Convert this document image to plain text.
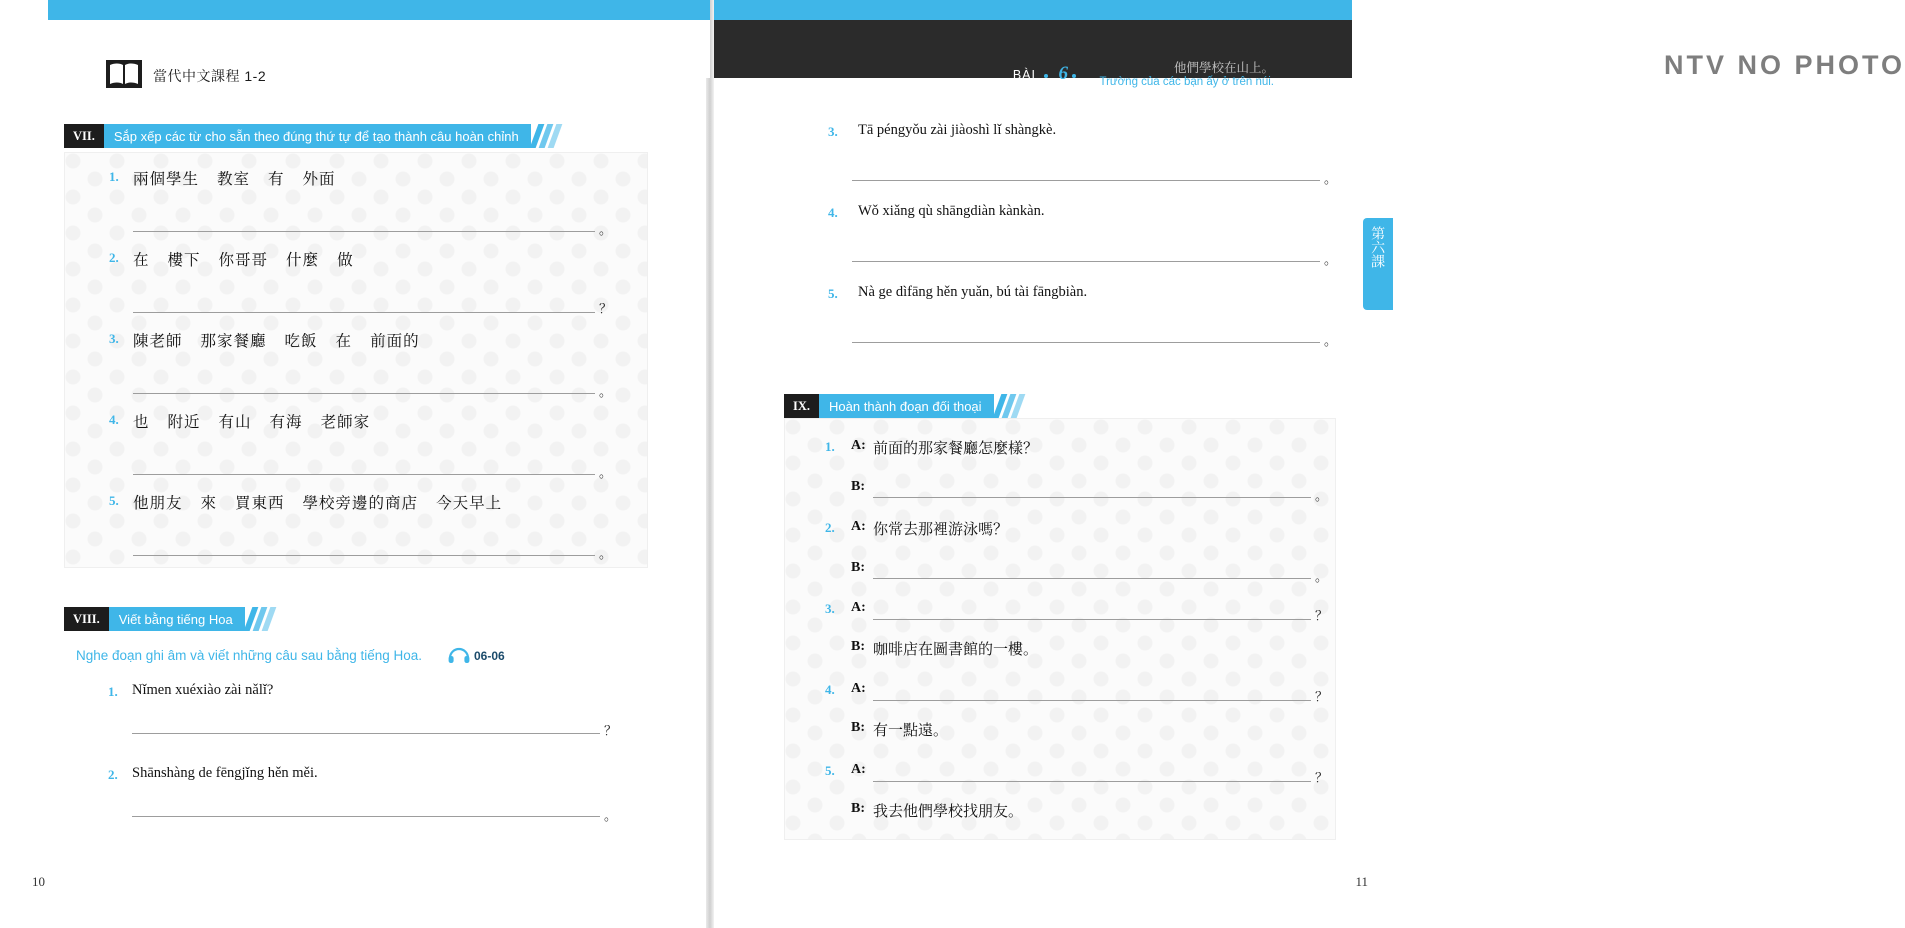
當代中文課程 1-2	NTV NO PHOTO
BÀI 6	他們學校在山上。
Trường của các bạn ấy ở trên núi.
第六課
VII.	Sắp xếp các từ cho sẵn theo đúng thứ tự để tạo thành câu hoàn chỉnh
1. 兩個學生 教室 有 外面
。
2. 在 樓下 你哥哥 什麼 做
？
3. 陳老師 那家餐廳 吃飯 在 前面的
。
4. 也 附近 有山 有海 老師家
。
5. 他朋友 來 買東西 學校旁邊的商店 今天早上
。
VIII.	Viết bằng tiếng Hoa
Nghe đoạn ghi âm và viết những câu sau bằng tiếng Hoa.	06-06
1. Nǐmen xuéxiào zài nǎlǐ?
？
2. Shānshàng de fēngjǐng hěn měi.
。
3. Tā péngyǒu zài jiàoshì lǐ shàngkè.
。
4. Wǒ xiǎng qù shāngdiàn kànkàn.
。
5. Nà ge dìfāng hěn yuǎn, bú tài fāngbiàn.
。
IX.	Hoàn thành đoạn đối thoại
1. A: 前面的那家餐廳怎麼樣？
B:
。
2. A: 你常去那裡游泳嗎？
B:
。
3. A:
？
B: 咖啡店在圖書館的一樓。
4. A:
？
B: 有一點遠。
5. A:
？
B: 我去他們學校找朋友。
10	11
